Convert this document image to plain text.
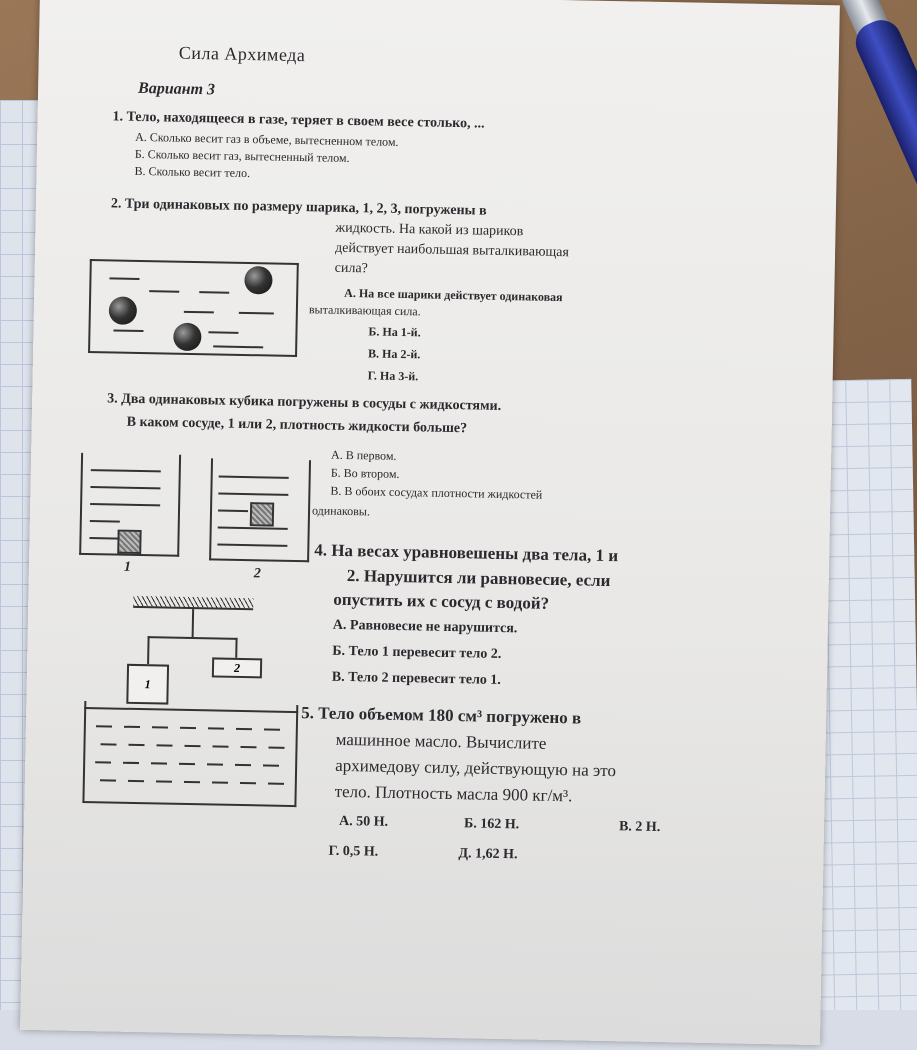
Сила Архимеда
Вариант 3
1. Тело, находящееся в газе, теряет в своем весе столько, ...
А. Сколько весит газ в объеме, вытесненном телом.
Б. Сколько весит газ, вытесненный телом.
В. Сколько весит тело.
2. Три одинаковых по размеру шарика, 1, 2, 3, погружены в
жидкость. На какой из шариков
действует наибольшая выталкивающая
сила?
А. На все шарики действует одинаковая
выталкивающая сила.
Б. На 1-й.
В. На 2-й.
Г. На 3-й.
3. Два одинаковых кубика погружены в сосуды с жидкостями.
В каком сосуде, 1 или 2, плотность жидкости больше?
А. В первом.
Б. Во втором.
В. В обоих сосудах плотности жидкостей
одинаковы.
1	2
4. На весах уравновешены два тела, 1 и
2. Нарушится ли равновесие, если
опустить их с сосуд с водой?
А. Равновесие не нарушится.
Б. Тело 1 перевесит тело 2.
В. Тело 2 перевесит тело 1.
1
2
5. Тело объемом 180 см³ погружено в
машинное масло. Вычислите
архимедову силу, действующую на это
тело. Плотность масла 900 кг/м³.
А. 50 Н.	Б. 162 Н.	В. 2 Н.
Г. 0,5 Н.	Д. 1,62 Н.
